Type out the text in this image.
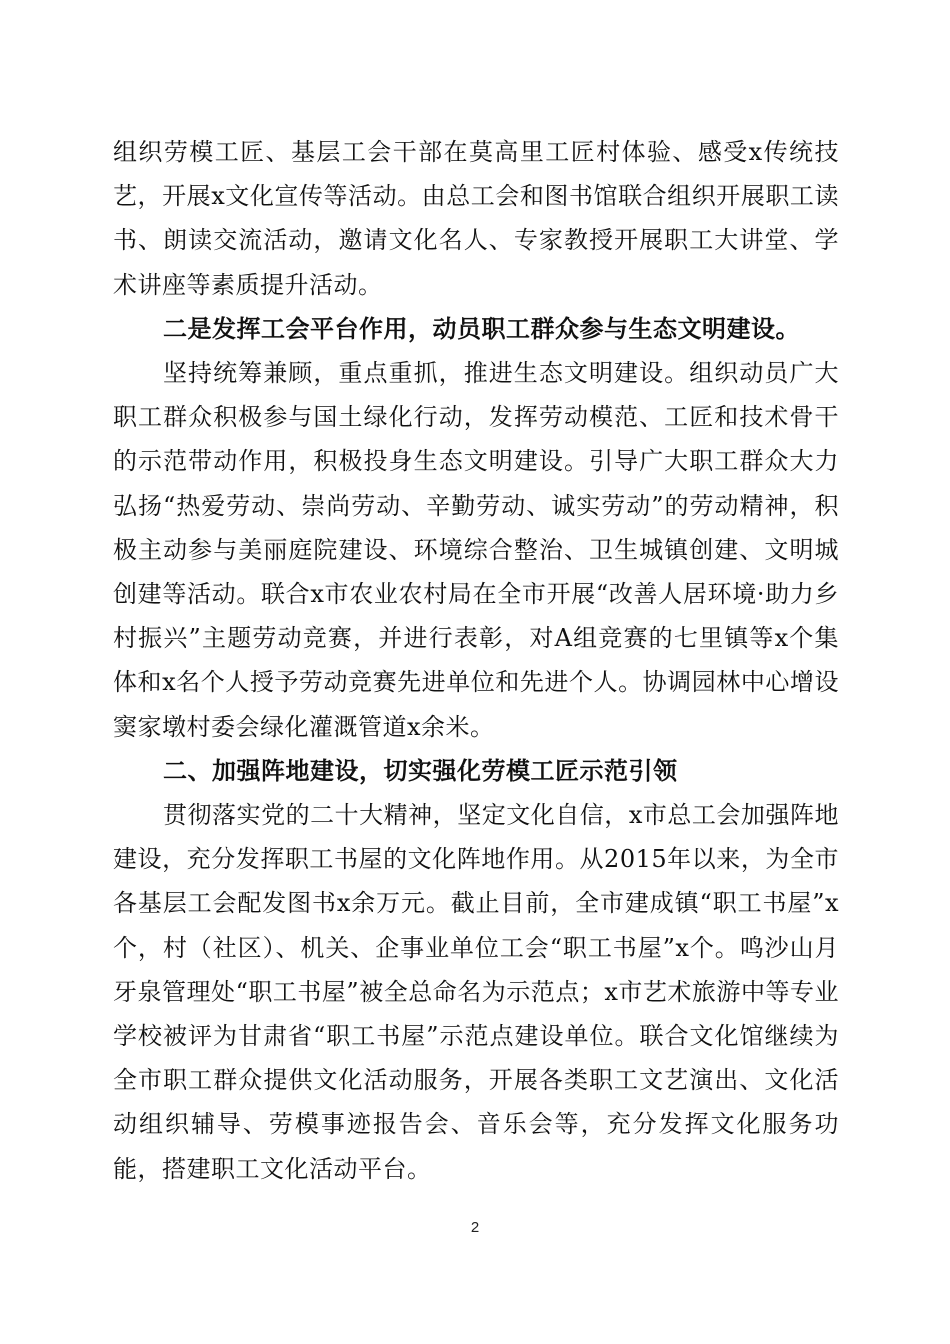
组织劳模工匠、基层工会干部在莫高里工匠村体验、感受x传统技艺，开展x文化宣传等活动。由总工会和图书馆联合组织开展职工读书、朗读交流活动，邀请文化名人、专家教授开展职工大讲堂、学术讲座等素质提升活动。

二是发挥工会平台作用，动员职工群众参与生态文明建设。

坚持统筹兼顾，重点重抓，推进生态文明建设。组织动员广大职工群众积极参与国土绿化行动，发挥劳动模范、工匠和技术骨干的示范带动作用，积极投身生态文明建设。引导广大职工群众大力弘扬“热爱劳动、崇尚劳动、辛勤劳动、诚实劳动”的劳动精神，积极主动参与美丽庭院建设、环境综合整治、卫生城镇创建、文明城创建等活动。联合x市农业农村局在全市开展“改善人居环境·助力乡村振兴”主题劳动竞赛，并进行表彰，对A组竞赛的七里镇等x个集体和x名个人授予劳动竞赛先进单位和先进个人。协调园林中心增设窦家墩村委会绿化灌溉管道x余米。

二、加强阵地建设，切实强化劳模工匠示范引领

贯彻落实党的二十大精神，坚定文化自信，x市总工会加强阵地建设，充分发挥职工书屋的文化阵地作用。从2015年以来，为全市各基层工会配发图书x余万元。截止目前，全市建成镇“职工书屋”x个，村（社区）、机关、企事业单位工会“职工书屋”x个。鸣沙山月牙泉管理处“职工书屋”被全总命名为示范点；x市艺术旅游中等专业学校被评为甘肃省“职工书屋”示范点建设单位。联合文化馆继续为全市职工群众提供文化活动服务，开展各类职工文艺演出、文化活动组织辅导、劳模事迹报告会、音乐会等，充分发挥文化服务功能，搭建职工文化活动平台。

2
